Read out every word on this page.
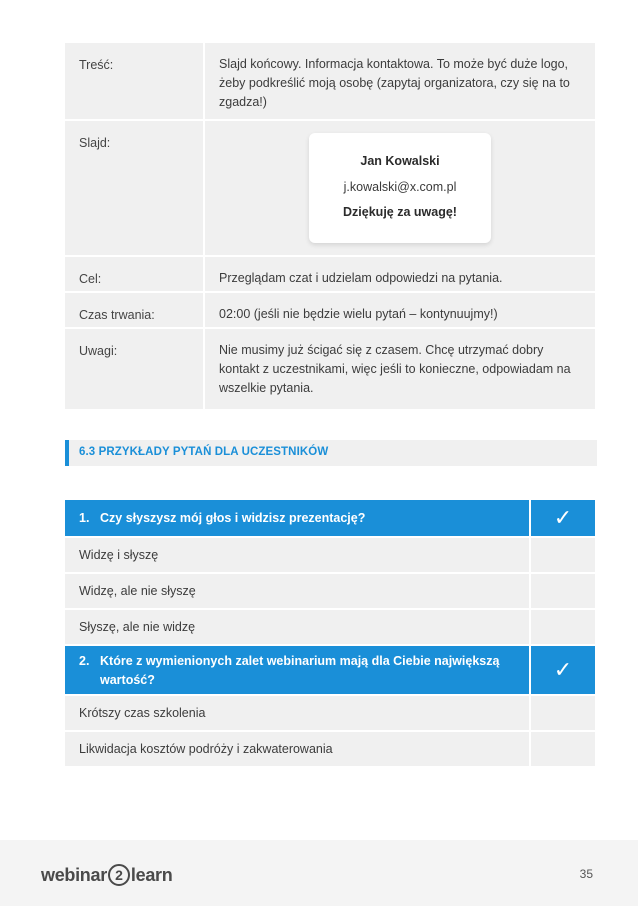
Treść:	Slajd końcowy. Informacja kontaktowa. To może być duże logo, żeby podkreślić moją osobę (zapytaj organizatora, czy się na to zgadza!)
Slajd:
Jan Kowalski
j.kowalski@x.com.pl
Dziękuję za uwagę!
Cel:	Przeglądam czat i udzielam odpowiedzi na pytania.
Czas trwania:	02:00 (jeśli nie będzie wielu pytań – kontynuujmy!)
Uwagi:	Nie musimy już ścigać się z czasem. Chcę utrzymać dobry kontakt z uczestnikami, więc jeśli to konieczne, odpowiadam na wszelkie pytania.
6.3 PRZYKŁADY PYTAŃ DLA UCZESTNIKÓW
1. Czy słyszysz mój głos i widzisz prezentację?	✓
Widzę i słyszę
Widzę, ale nie słyszę
Słyszę, ale nie widzę
2. Które z wymienionych zalet webinarium mają dla Ciebie największą wartość?	✓
Krótszy czas szkolenia
Likwidacja kosztów podróży i zakwaterowania
webinar 2 learn	35
